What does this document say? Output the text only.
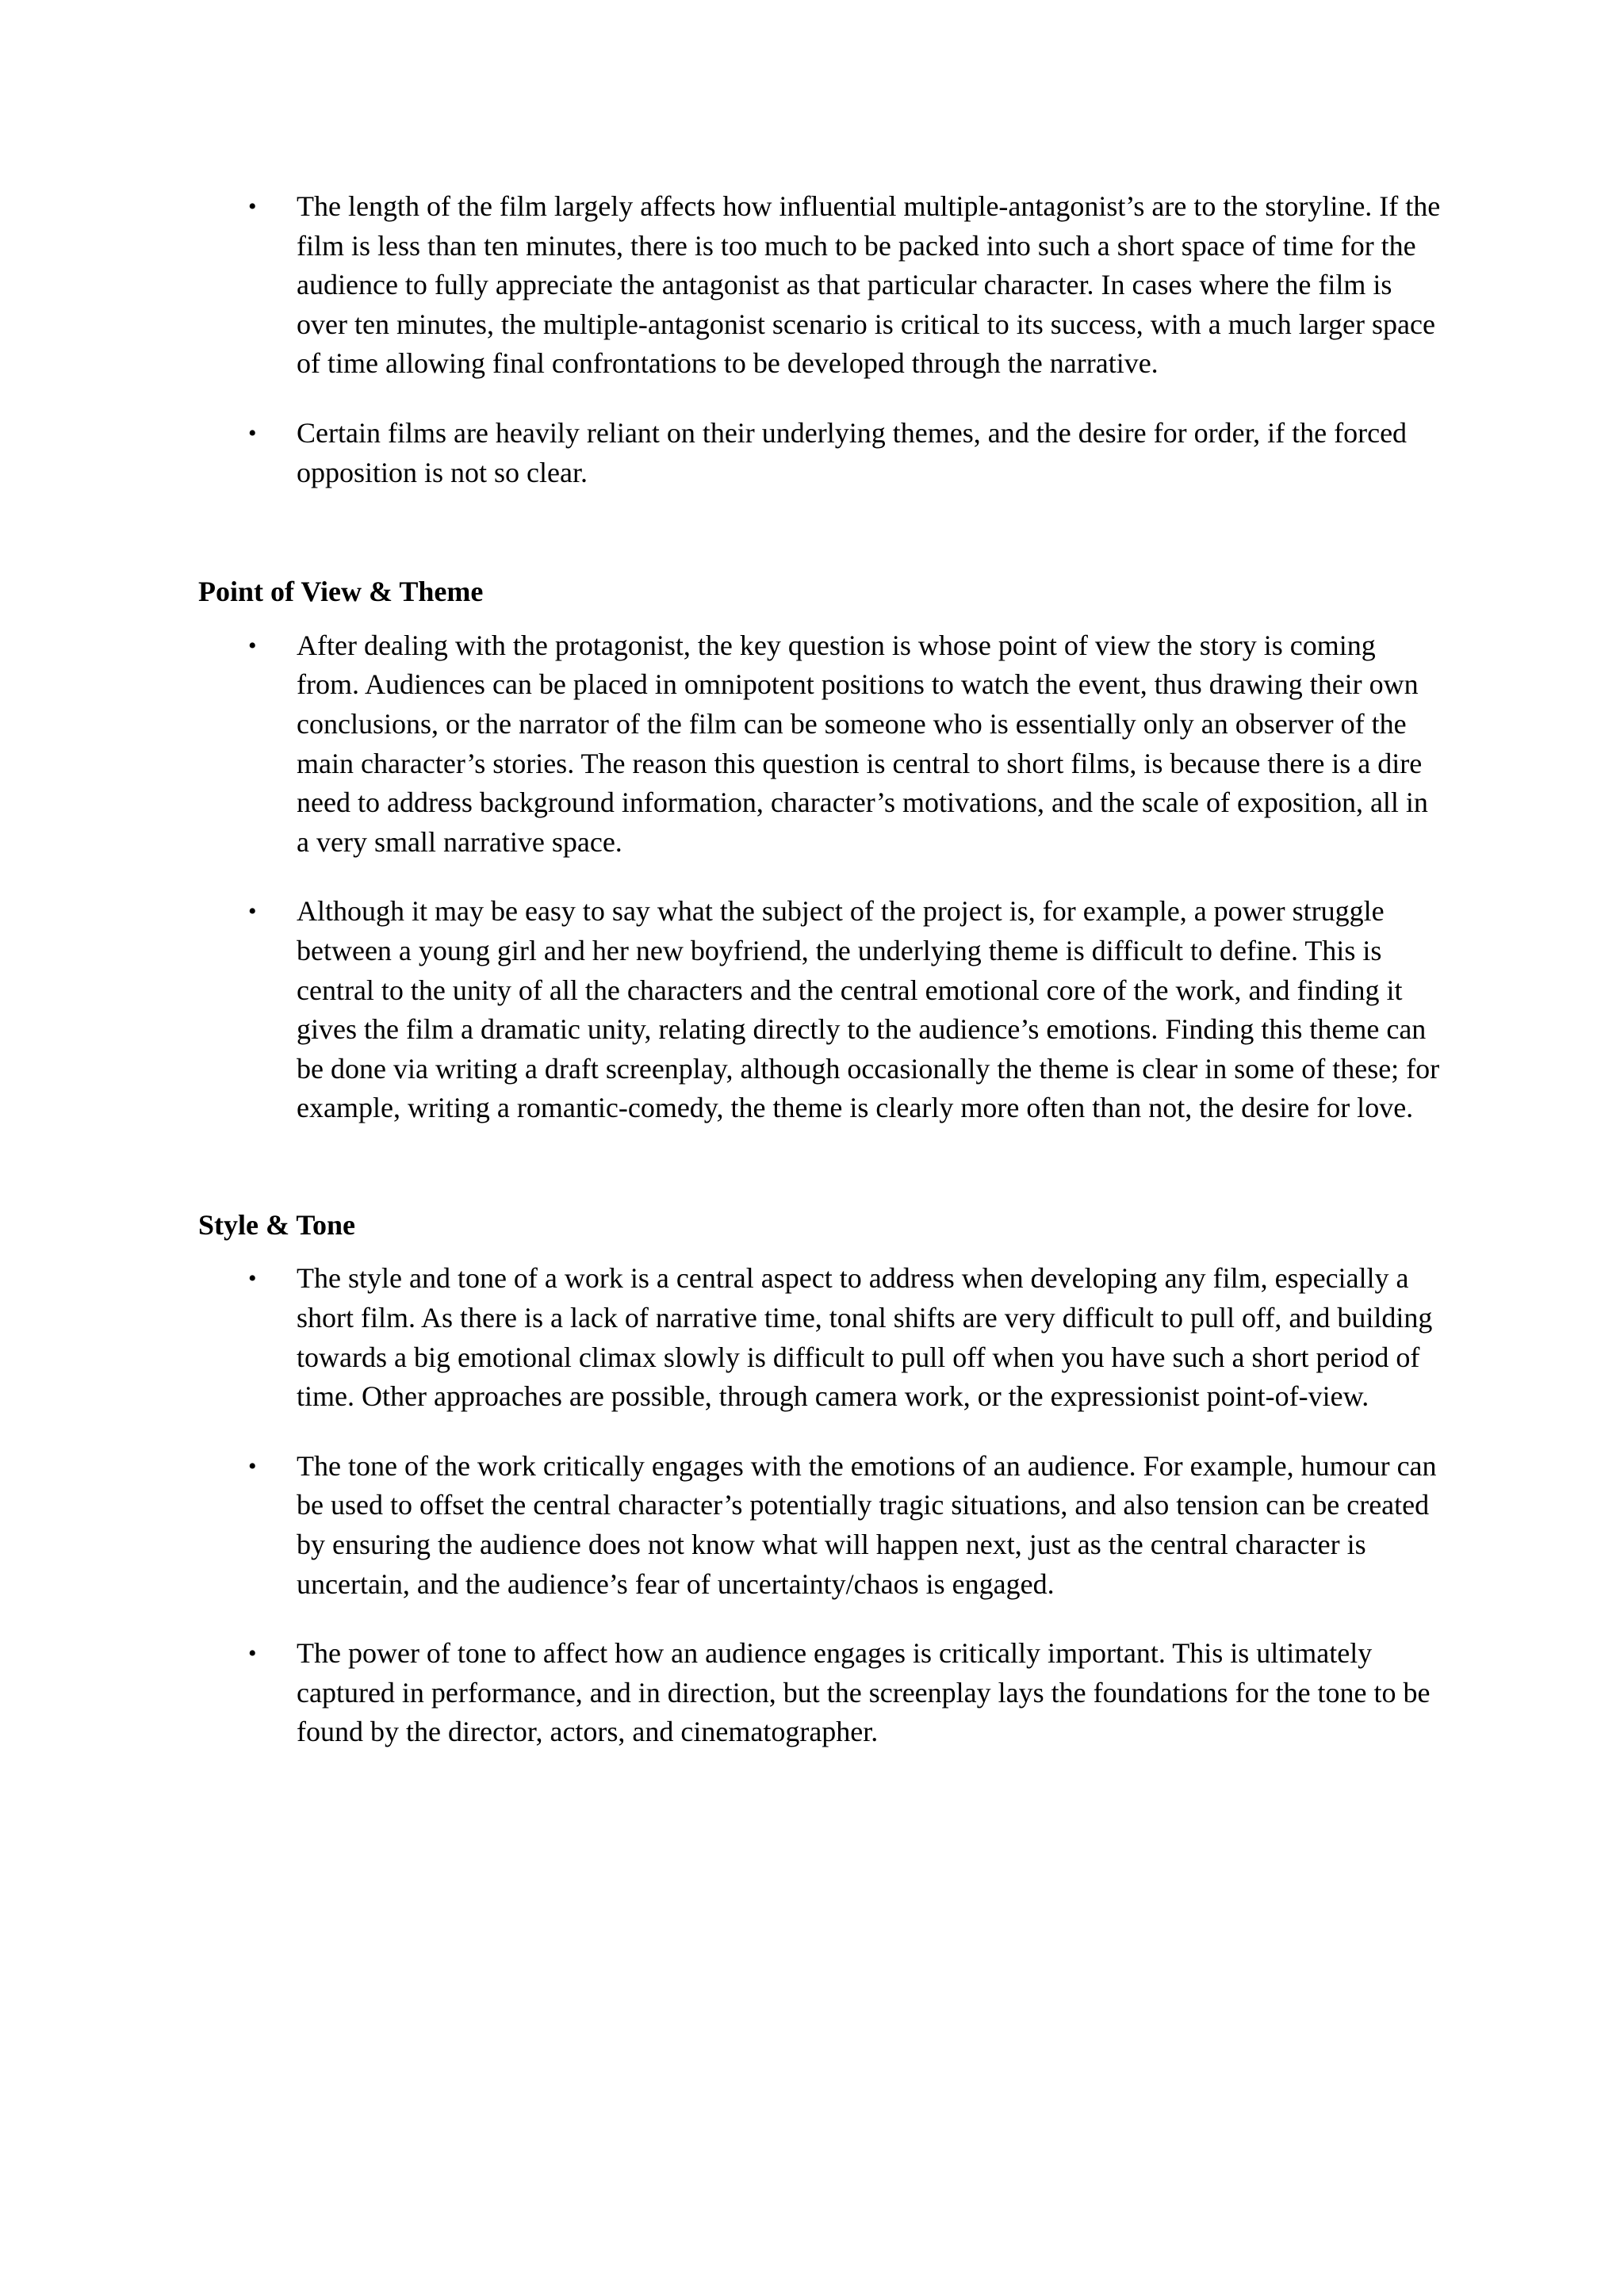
• The length of the film largely affects how influential multiple-antagonist’s are to the storyline. If the film is less than ten minutes, there is too much to be packed into such a short space of time for the audience to fully appreciate the antagonist as that particular character. In cases where the film is over ten minutes, the multiple-antagonist scenario is critical to its success, with a much larger space of time allowing final confrontations to be developed through the narrative.
• Certain films are heavily reliant on their underlying themes, and the desire for order, if the forced opposition is not so clear.
Point of View & Theme
• After dealing with the protagonist, the key question is whose point of view the story is coming from. Audiences can be placed in omnipotent positions to watch the event, thus drawing their own conclusions, or the narrator of the film can be someone who is essentially only an observer of the main character’s stories. The reason this question is central to short films, is because there is a dire need to address background information, character’s motivations, and the scale of exposition, all in a very small narrative space.
• Although it may be easy to say what the subject of the project is, for example, a power struggle between a young girl and her new boyfriend, the underlying theme is difficult to define. This is central to the unity of all the characters and the central emotional core of the work, and finding it gives the film a dramatic unity, relating directly to the audience’s emotions. Finding this theme can be done via writing a draft screenplay, although occasionally the theme is clear in some of these; for example, writing a romantic-comedy, the theme is clearly more often than not, the desire for love.
Style & Tone
• The style and tone of a work is a central aspect to address when developing any film, especially a short film. As there is a lack of narrative time, tonal shifts are very difficult to pull off, and building towards a big emotional climax slowly is difficult to pull off when you have such a short period of time. Other approaches are possible, through camera work, or the expressionist point-of-view.
• The tone of the work critically engages with the emotions of an audience. For example, humour can be used to offset the central character’s potentially tragic situations, and also tension can be created by ensuring the audience does not know what will happen next, just as the central character is uncertain, and the audience’s fear of uncertainty/chaos is engaged.
• The power of tone to affect how an audience engages is critically important. This is ultimately captured in performance, and in direction, but the screenplay lays the foundations for the tone to be found by the director, actors, and cinematographer.
